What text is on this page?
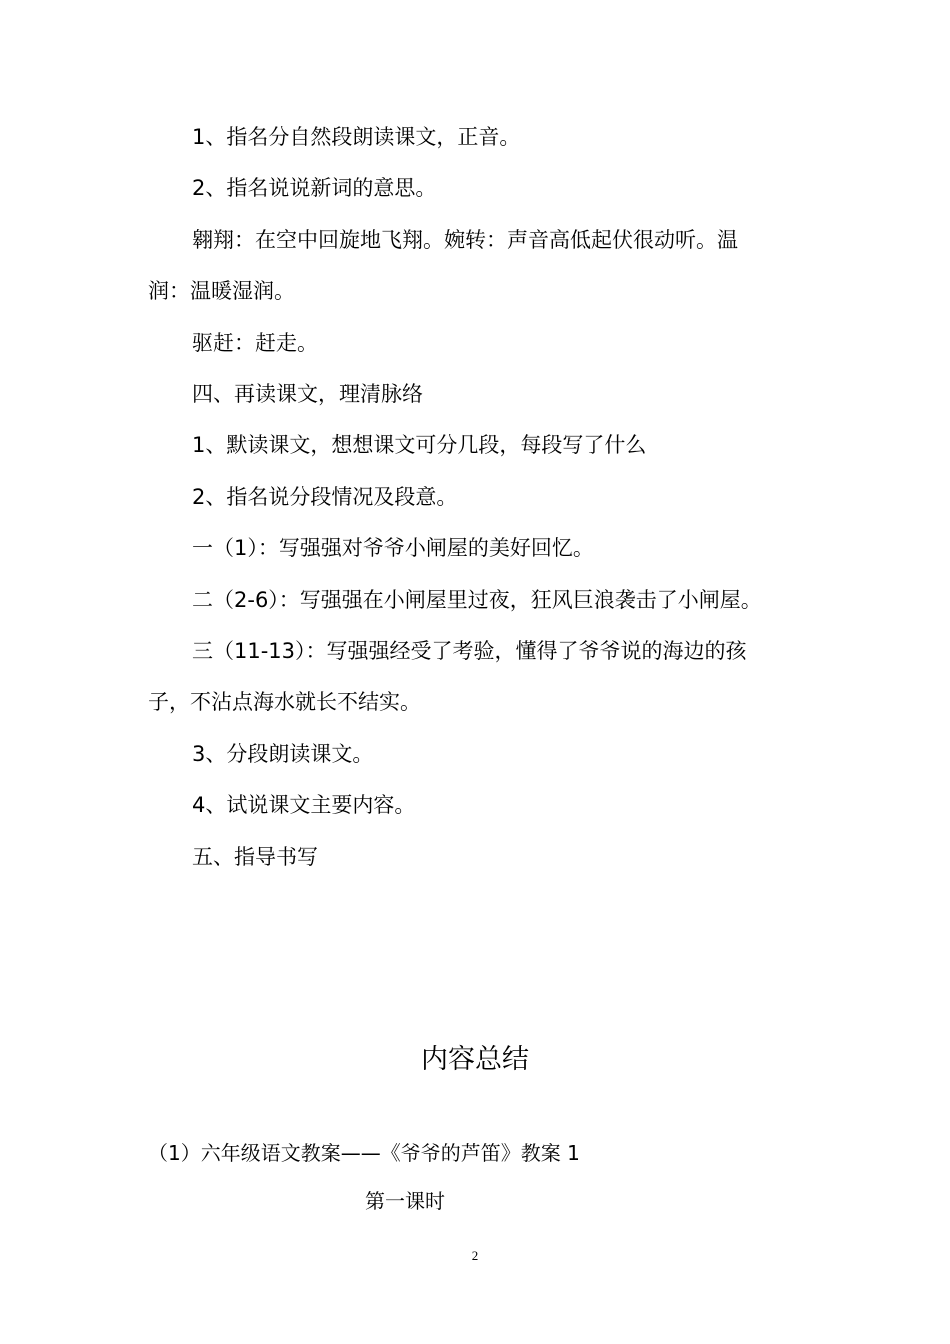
1、指名分自然段朗读课文，正音。
2、指名说说新词的意思。
翱翔：在空中回旋地飞翔。婉转：声音高低起伏很动听。温
润：温暖湿润。
驱赶：赶走。
四、再读课文，理清脉络
1、默读课文，想想课文可分几段，每段写了什么
2、指名说分段情况及段意。
一（1）：写强强对爷爷小闸屋的美好回忆。
二（2-6）：写强强在小闸屋里过夜，狂风巨浪袭击了小闸屋。
三（11-13）：写强强经受了考验，懂得了爷爷说的海边的孩
子，不沾点海水就长不结实。
3、分段朗读课文。
4、试说课文主要内容。
五、指导书写
内容总结
（1）六年级语文教案——《爷爷的芦笛》教案 1
第一课时
2
